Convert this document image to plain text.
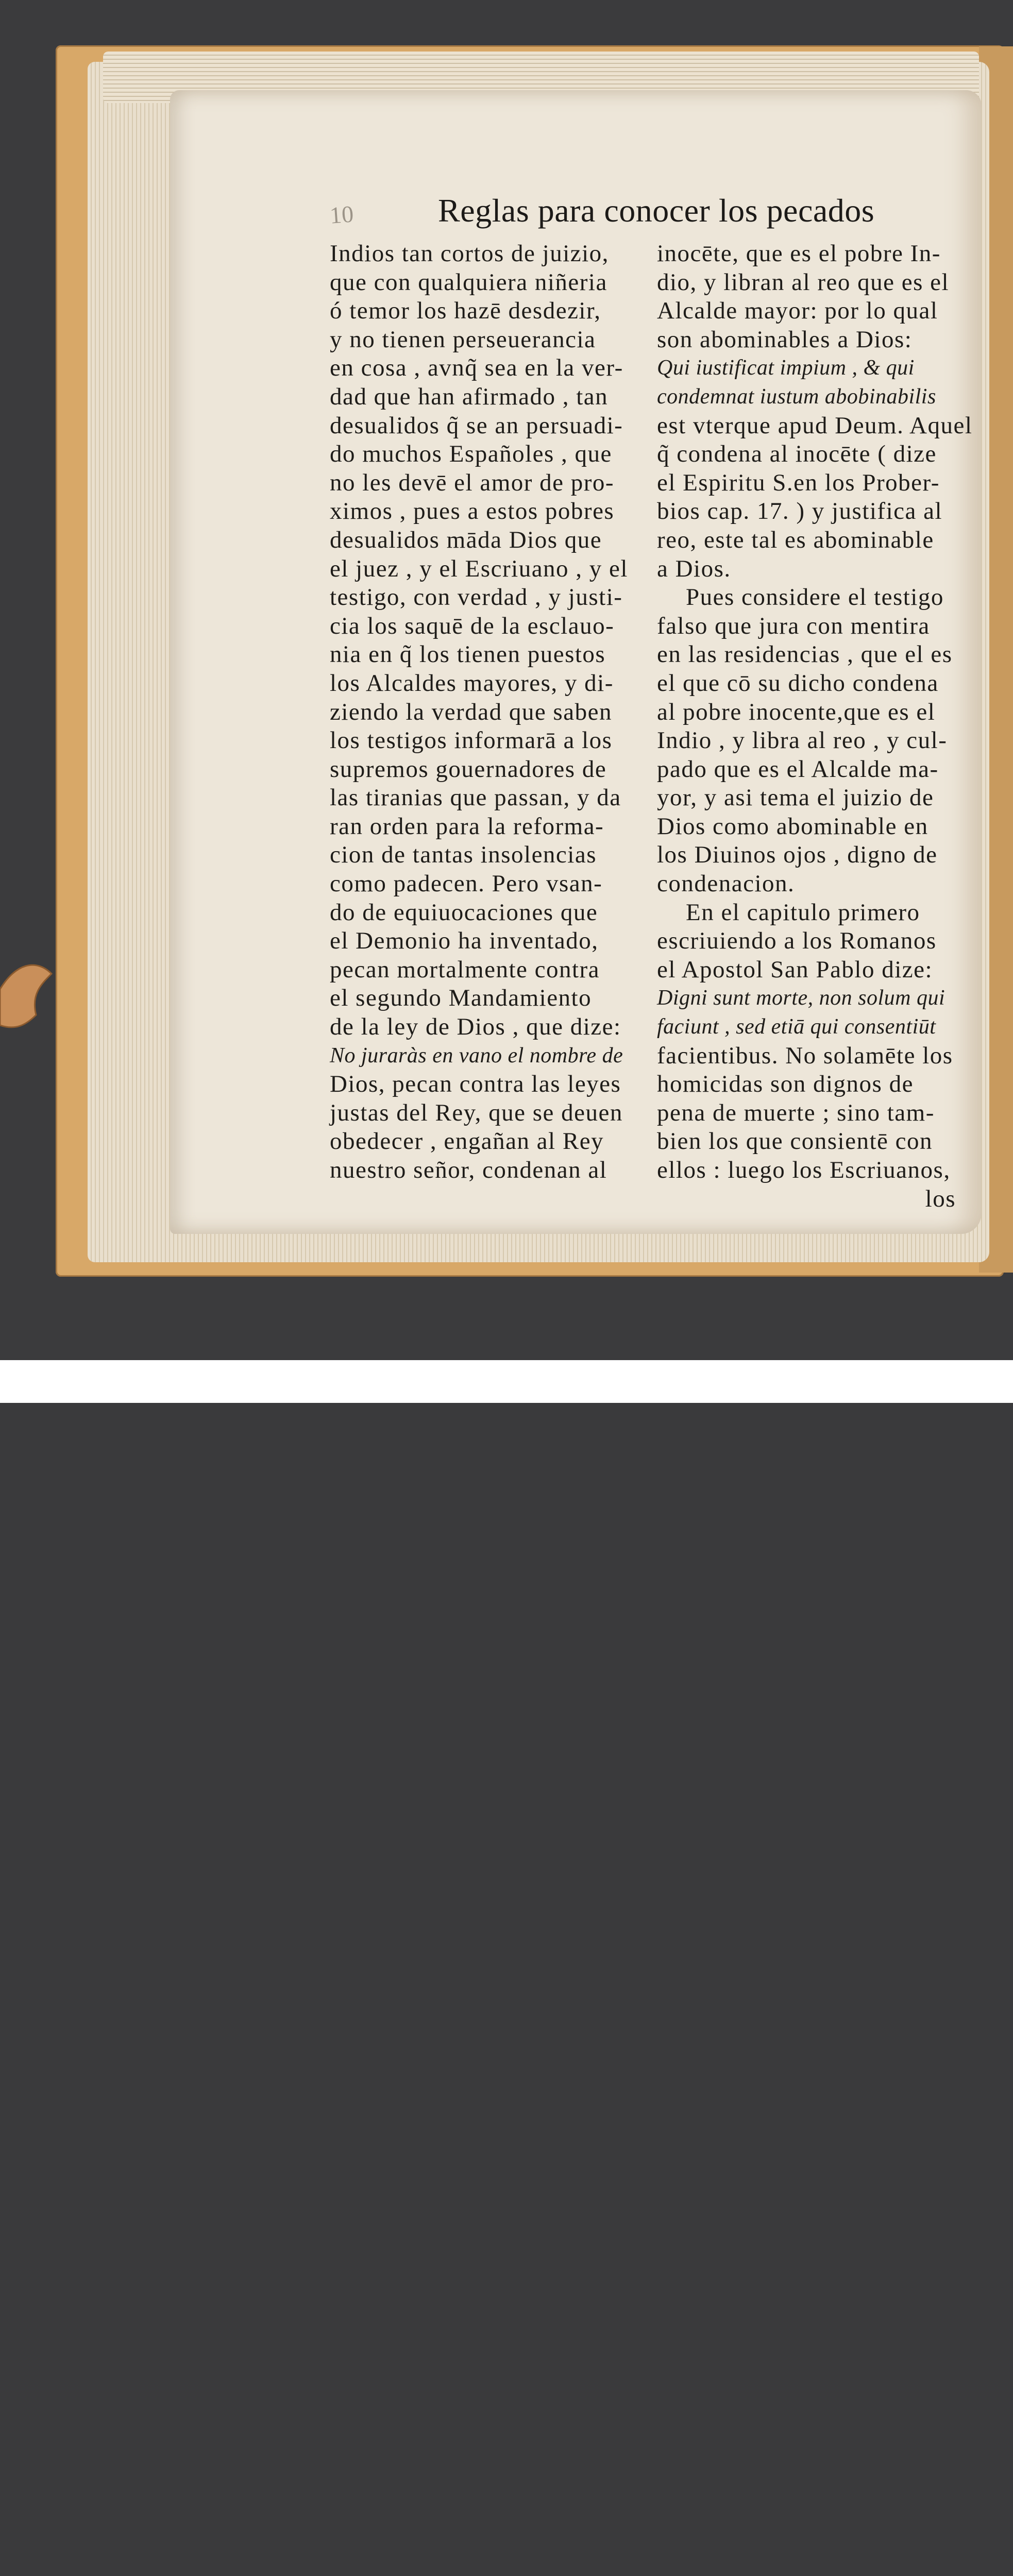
10	Reglas para conocer los pecados
Indios tan cortos de juizio,
que con qualquiera niñeria
ó temor los hazē desdezir,
y no tienen perseuerancia
en cosa , avnq̃ sea en la ver-
dad que han afirmado , tan
desualidos q̃ se an persuadi-
do muchos Españoles , que
no les devē el amor de pro-
ximos , pues a estos pobres
desualidos māda Dios que
el juez , y el Escriuano , y el
testigo, con verdad , y justi-
cia los saquē de la esclauo-
nia en q̃ los tienen puestos
los Alcaldes mayores, y di-
ziendo la verdad que saben
los testigos informarā a los
supremos gouernadores de
las tiranias que passan, y da
ran orden para la reforma-
cion de tantas insolencias
como padecen. Pero vsan-
do de equiuocaciones que
el Demonio ha inventado,
pecan mortalmente contra
el segundo Mandamiento
de la ley de Dios , que dize:
No juraràs en vano el nombre de
Dios, pecan contra las leyes
justas del Rey, que se deuen
obedecer , engañan al Rey
nuestro señor, condenan al
inocēte, que es el pobre In-
dio, y libran al reo que es el
Alcalde mayor: por lo qual
son abominables a Dios:
Qui iustificat impium , & qui
condemnat iustum abobinabilis
est vterque apud Deum. Aquel
q̃ condena al inocēte ( dize
el Espiritu S.en los Prober-
bios cap. 17. ) y justifica al
reo, este tal es abominable
a Dios.
Pues considere el testigo
falso que jura con mentira
en las residencias , que el es
el que cō su dicho condena
al pobre inocente,que es el
Indio , y libra al reo , y cul-
pado que es el Alcalde ma-
yor, y asi tema el juizio de
Dios como abominable en
los Diuinos ojos , digno de
condenacion.
En el capitulo primero
escriuiendo a los Romanos
el Apostol San Pablo dize:
Digni sunt morte, non solum qui
faciunt , sed etiā qui consentiūt
facientibus. No solamēte los
homicidas son dignos de
pena de muerte ; sino tam-
bien los que consientē con
ellos : luego los Escriuanos,
los
